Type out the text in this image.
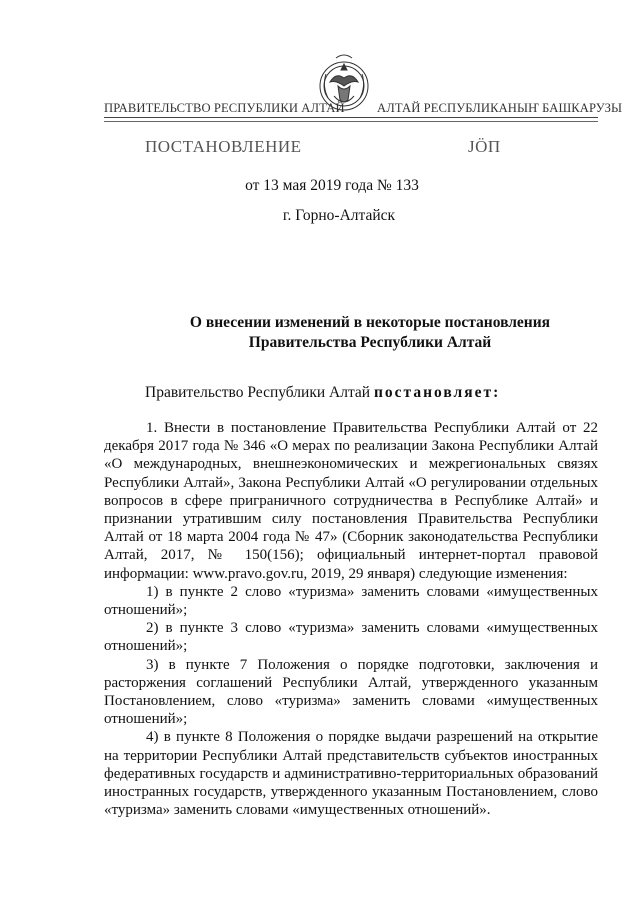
ПРАВИТЕЛЬСТВО РЕСПУБЛИКИ АЛТАЙ	АЛТАЙ РЕСПУБЛИКАНЫҤ БАШКАРУЗЫ
ПОСТАНОВЛЕНИЕ	ЈÖП
от 13 мая 2019 года № 133
г. Горно-Алтайск
О внесении изменений в некоторые постановления
Правительства Республики Алтай
Правительство Республики Алтай постановляет:

1. Внести в постановление Правительства Республики Алтай от 22 декабря 2017 года № 346 «О мерах по реализации Закона Республики Алтай «О международных, внешнеэкономических и межрегиональных связях Республики Алтай», Закона Республики Алтай «О регулировании отдельных вопросов в сфере приграничного сотрудничества в Республике Алтай» и признании утратившим силу постановления Правительства Республики Алтай от 18 марта 2004 года № 47» (Сборник законодательства Республики Алтай, 2017, № 150(156); официальный интернет-портал правовой информации: www.pravo.gov.ru, 2019, 29 января) следующие изменения:

1) в пункте 2 слово «туризма» заменить словами «имущественных отношений»;

2) в пункте 3 слово «туризма» заменить словами «имущественных отношений»;

3) в пункте 7 Положения о порядке подготовки, заключения и расторжения соглашений Республики Алтай, утвержденного указанным Постановлением, слово «туризма» заменить словами «имущественных отношений»;

4) в пункте 8 Положения о порядке выдачи разрешений на открытие на территории Республики Алтай представительств субъектов иностранных федеративных государств и административно-территориальных образований иностранных государств, утвержденного указанным Постановлением, слово «туризма» заменить словами «имущественных отношений».
